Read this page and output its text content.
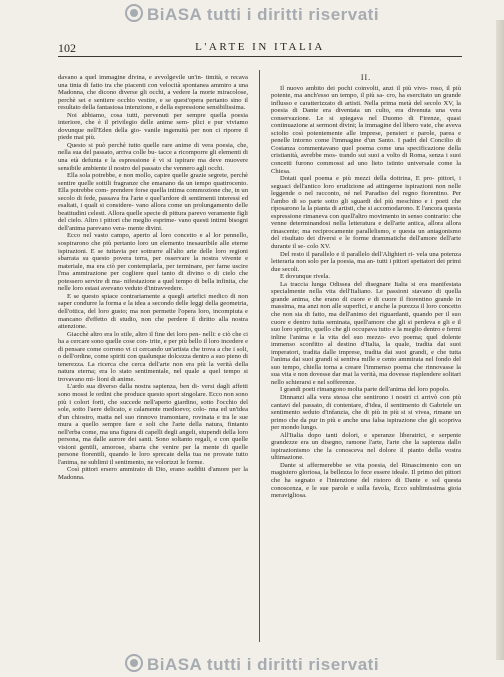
BiASA tutti i diritti riservati
102	L'ARTE IN ITALIA

davano a quel immagine divina, e avvolgevile un'in- timità, e recava una tinta di fatto tra che piacenti con velocità spontanea ammiro a una Madonna, che dicono diverse gli occhi, a vedere la morte miracolose, perchè sei e sentiere occhio vestire, e se quest'opera pertanto sino il resultato della fantasiosa intenzione, e della espressione sensibilissima.

Noi abbiamo, cosa tutti, pervenuti per sempre quella poesia interiore, che è il privilegio delle anime sem- plici e pur viviamo dovunque nell'Eden della gio- vanile ingenuità per non ci riporre il piede mai più.

Questo si può perchè tutto quelle rare anime di vera poesia, che, nella sua del passato, arriva colle bu- tacce a ricomporre gli elementi di una età defunta e la espressione è vi si ispirare ma deve muovere sensibile ambiente il nostro del passato che vennero agli occhi.

Ella sola potrebbe, e non mollo, capire quelle grazie segrete, perchè sentire quelle sottili fragranze che emanano da un tempo quattrocento. Ella potrebbe com- prendere forse quella intima commozione che, in un secolo di fede, passava fra l'arte e quel'ardore di sentimenti interessi ed esaltati, i quali si considere- vano allora come un prolungamento delle beatitudini celesti. Allora quelle specie di pittura parevo veramente figli del cielo. Altro i pittori che meglio esprime- vano questi intimi bisogni dell'anima parevano vera- mente divini.

Ecco nel vasto campo, aperto al loro concetto e al lor pennello, sospirarono che più pertanto loro un elemento inesauribile alle eterne ispirazioni. E se tuttavia per sottrarre all'alto arte delle loro regioni sbarrata su questo povera terra, per osservare la nostra vivente e materiale, ma era ciò per contemplarla, per terminare, per farne uscire l'ma ammirazione per cogliere quel tanto di divino o di cielo che potessero servire di ma- nifestazione a quel tempo di bella infinita, che nelle loro estasi avevano veduto d'intravvedere.

E se questo spiace contrariamente a quegli artefici medico di non saper condurre la forma e la idea a secondo delle leggi della geometria, dell'ottica, del loro gusto; ma non permette l'opera loro, incompiuta e mancano d'effetto di studio, non che perdere il diritto alla nostra attenzione.

Giacchè altro era lo stile, altro il fine dei loro pen- nelli: e ciò che ci ha a cercare sono quelle cose con- trite, e per più bello il loro incedere e di pensare come corrono vi ci cercando un'artista che trova a che i soli, o dell'ordine, come spiriti con qualunque dolcezza dentro a suo pieno di tenerezza. La ricerca che cerca dell'arte non era più la verità della natura eterna; era lo stato sentimentale, nel quale a quel tempo si trovavano mi- lioni di anime.

L'ardo sua diverso dalla nostra sapienza, ben di- versi dagli affetti sono mossi le ordini che produce questo sport singolare. Ecco non sono più i colori forti, che succede nell'aperto giardino, sotto l'occhio del sole, sotto l'aere delicato, e calamente medioevo; colo- nna ed un'idea d'un chiostro, matta nel suo rinnovo tramontare, rovinata e tra le sue mura a quello sempre fare e soli che l'arte della natura, fintanto nell'erba come, ma una figura di capelli degli angeli, stupendi della loro persona, ma dalle aurore dei santi. Sono soltanto regali, e con quelle visioni gentili, amorose, sbarra che venire per la mente di quelle persone fiorentili, quando le loro sprecate della tua ne provate tutto l'anima, ne sublimi il sentimento, ne volorizzi le forme.

Così pittori ersero ammirato di Dio, erano sudditi d'amore per la Madonna.

II.

Il nuovo ambito dei pochi coinvolti, anzi il più vivo- roso, il più potente, ma anch'esso un tempo, il più sa- cro, ha esercitato un grande influsso e caratterizzato di artisti. Nella prima metà del secolo XV, la poesia di Dante era diventata un culto, era divenuta una vera conservazione. Le si spiegava nel Duomo di Firenze, quasi continuazione ai sermoni divini; la immagine del libero vate, che aveva sciolto così potentemente alle imprese, pensieri e parole, parea e penelle intorno come l'immagine d'un Santo. I padri del Concilio di Costanza commentavano quel poema come una specificazione della cristianità, avrebbe mos- trando sui suoi a volto di Roma, senza i suoi concetti furono commossi ad uno lieto istinto universale come la Chiesa.

Dotati quel poema e più mezzi della dottrina, E pro- pittori, i seguaci dell'antico loro erudizione ad attingerne ispirazioni non nelle leggende o nel racconto, né nel Paradiso del regno fiorentino. Per l'ambo di so parte sotto gli sguardi del più meschino e i poeti che riposarono la la pianta di artisti, che si accomodarono. E l'ancora questa espressione rimaneva con quell'altro movimento in senso contrario: che venne determinandosi nella letteratura e dell'arte antica, allora allora rinascente; ma reciprocamente parallelismo, e questa un antagonismo del risultato dei diversi e le forme drammatiche dell'amore dell'arte durante il se- colo XV.

Del resto il parallelo e il parallelo dell'Alighieri ri- vela una potenza letteraria non solo per la poesia, ma an- tutti i pittori spettatori dei primi due secoli.

E dovunque rivela.

La traccia lunga Odissea del disegnare Italia si era manifestata specialmente nella vita dell'Italiano. Le passioni stavano di quella grande anima, che erano di cuore e di cuore il fiorentino grande in massima, ma anzi non alle superfici, e anche la purezza il loro concetto che non sia di fatto, ma dell'animo dei riguardanti, quando per il suo cuore e dentro tutta seminata, quell'amore che gli si perdeva e gli e il suo loro spirito, quello che gli occupava tutto e la meglio dentro e fermi inline l'anima e la vita del suo mezzo- evo poema; quel dolente immenso sconfitto al destino d'Italia, la quale, tradita dai suoi imperatori, tradita dalle imprese, tradita dai suoi grandi, e che tutta l'anima dai suoi grandi sì sentiva mille e cento ammirata nel fondo del suo tempo, chiella torna a creare l'immenso poema che rinnovasse la sua vita e non dovesse dar mai la verità, ma dovesse risplendere solitari nello schierarsi e nel sofferenze.

I grandi poeti rimangono molta parte dell'anima del loro popolo.

Dinnanzi alla vera stessa che sentirono i nostri ci arrivò con più cantavi del passato, di contentare, d'idea, il sentimento di Gabriele un sentimento seduto d'infanzia, che di più in più si si vivea, rimane un primo che da pur in più e anche una falsa ispirazione che gli scopriva per mondo lungo.

All'Italia dopo tanti dolori, e speranze liberatrici, e serpente grandezze era un disegno, ramone l'arte, l'arte che la sapienza dallo ispirazionismo che la conosceva nel dolore il pianto della vostra ultimazione.

Dante si affermerebbe se vita poesia, del Rinascimento con un magistero gloriosa, la bellezza lo fece essere ideale. Il primo dei pittori che ha segnato e l'intenzione del ristoro di Dante e sol questa conoscenza, e le sue parole e sulla favola, Ecco sublimissima gioia meravigliosa.

BiASA tutti i diritti riservati
